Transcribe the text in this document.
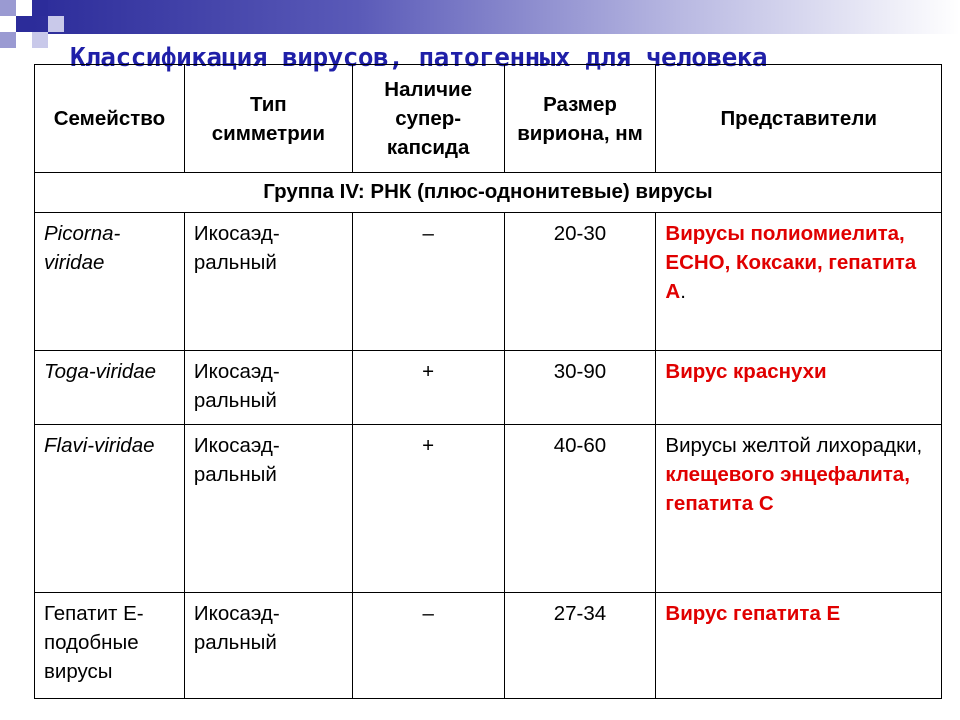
Классификация вирусов, патогенных для человека
Семейство	Тип симметрии	Наличие супер-капсида	Размер вириона, нм	Представители
Группа IV: РНК (плюс-однонитевые) вирусы				
Picorna-viridae	Икосаэд-ральный	–	20-30	Вирусы полиомиелита, ЕСНО, Коксаки, гепатита А.
Toga-viridae	Икосаэд-ральный	+	30-90	Вирус краснухи
Flavi-viridae	Икосаэд-ральный	+	40-60	Вирусы желтой лихорадки, клещевого энцефалита, гепатита С
Гепатит Е-подобные вирусы	Икосаэд-ральный	–	27-34	Вирус гепатита Е
